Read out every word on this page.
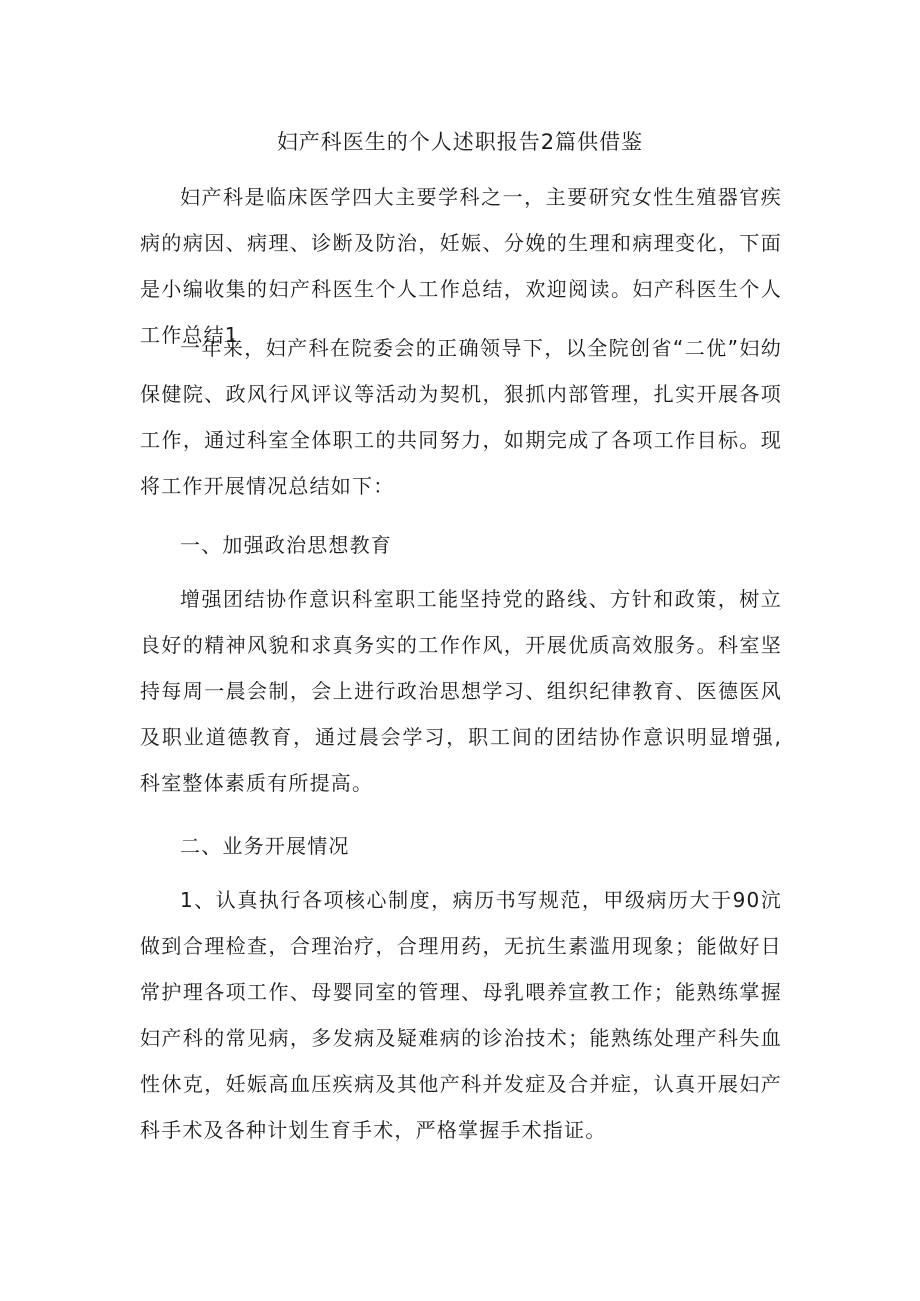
妇产科医生的个人述职报告2篇供借鉴

妇产科是临床医学四大主要学科之一，主要研究女性生殖器官疾病的病因、病理、诊断及防治，妊娠、分娩的生理和病理变化，下面是小编收集的妇产科医生个人工作总结，欢迎阅读。妇产科医生个人工作总结1

一年来，妇产科在院委会的正确领导下，以全院创省“二优”妇幼保健院、政风行风评议等活动为契机，狠抓内部管理，扎实开展各项工作，通过科室全体职工的共同努力，如期完成了各项工作目标。现将工作开展情况总结如下：

一、加强政治思想教育

增强团结协作意识科室职工能坚持党的路线、方针和政策，树立良好的精神风貌和求真务实的工作作风，开展优质高效服务。科室坚持每周一晨会制，会上进行政治思想学习、组织纪律教育、医德医风及职业道德教育，通过晨会学习，职工间的团结协作意识明显增强,科室整体素质有所提高。

二、业务开展情况

1、认真执行各项核心制度，病历书写规范，甲级病历大于90沆做到合理检查，合理治疗，合理用药，无抗生素滥用现象；能做好日常护理各项工作、母婴同室的管理、母乳喂养宣教工作；能熟练掌握妇产科的常见病，多发病及疑难病的诊治技术；能熟练处理产科失血性休克，妊娠高血压疾病及其他产科并发症及合并症，认真开展妇产科手术及各种计划生育手术，严格掌握手术指证。
